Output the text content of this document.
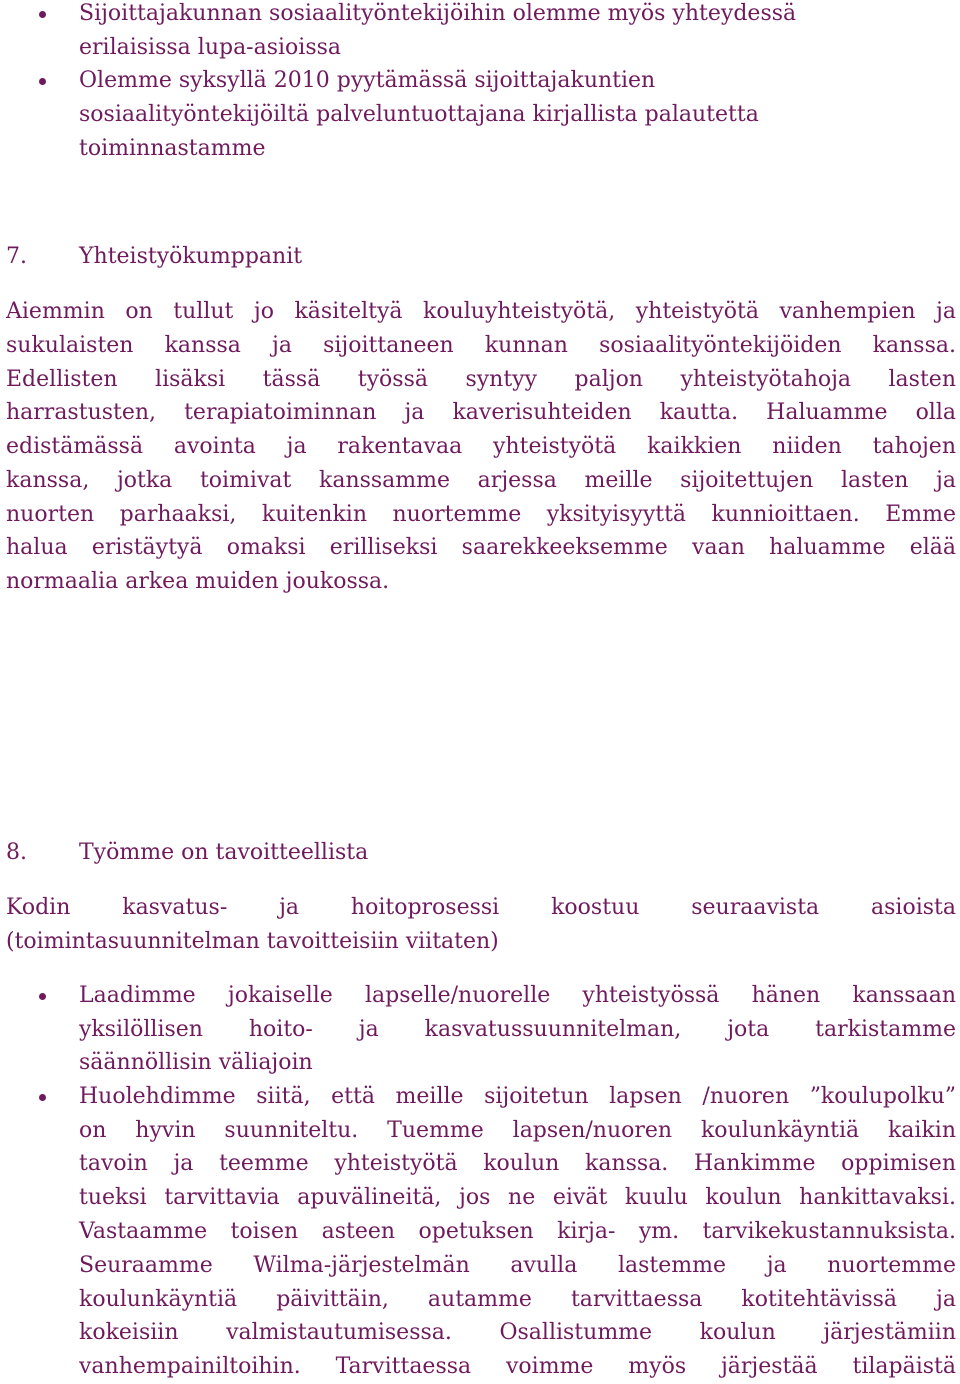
Sijoittajakunnan sosiaalityöntekijöihin olemme myös yhteydessä
erilaisissa lupa-asioissa
Olemme syksyllä 2010 pyytämässä sijoittajakuntien
sosiaalityöntekijöiltä palveluntuottajana kirjallista palautetta
toiminnastamme
7. Yhteistyökumppanit
Aiemmin on tullut jo käsiteltyä kouluyhteistyötä, yhteistyötä vanhempien ja
sukulaisten kanssa ja sijoittaneen kunnan sosiaalityöntekijöiden kanssa.
Edellisten lisäksi tässä työssä syntyy paljon yhteistyötahoja lasten
harrastusten, terapiatoiminnan ja kaverisuhteiden kautta. Haluamme olla
edistämässä avointa ja rakentavaa yhteistyötä kaikkien niiden tahojen
kanssa, jotka toimivat kanssamme arjessa meille sijoitettujen lasten ja
nuorten parhaaksi, kuitenkin nuortemme yksityisyyttä kunnioittaen. Emme
halua eristäytyä omaksi erilliseksi saarekkeeksemme vaan haluamme elää
normaalia arkea muiden joukossa.
8. Työmme on tavoitteellista
Kodin kasvatus- ja hoitoprosessi koostuu seuraavista asioista
(toimintasuunnitelman tavoitteisiin viitaten)
Laadimme jokaiselle lapselle/nuorelle yhteistyössä hänen kanssaan
yksilöllisen hoito- ja kasvatussuunnitelman, jota tarkistamme
säännöllisin väliajoin
Huolehdimme siitä, että meille sijoitetun lapsen /nuoren ”koulupolku”
on hyvin suunniteltu. Tuemme lapsen/nuoren koulunkäyntiä kaikin
tavoin ja teemme yhteistyötä koulun kanssa. Hankimme oppimisen
tueksi tarvittavia apuvälineitä, jos ne eivät kuulu koulun hankittavaksi.
Vastaamme toisen asteen opetuksen kirja- ym. tarvikekustannuksista.
Seuraamme Wilma-järjestelmän avulla lastemme ja nuortemme
koulunkäyntiä päivittäin, autamme tarvittaessa kotitehtävissä ja
kokeisiin valmistautumisessa. Osallistumme koulun järjestämiin
vanhempainiltoihin. Tarvittaessa voimme myös järjestää tilapäistä
